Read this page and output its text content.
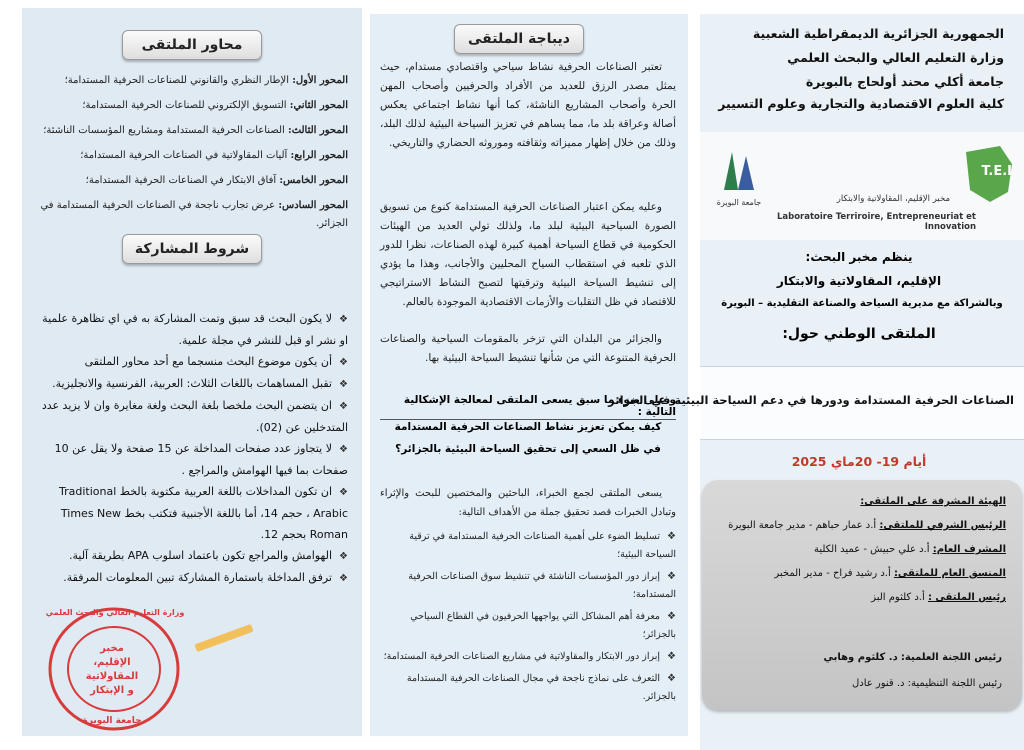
محاور الملتقى
المحور الأول: الإطار النظري والقانوني للصناعات الحرفية المستدامة؛
المحور الثاني: التسويق الإلكتروني للصناعات الحرفية المستدامة؛
المحور الثالث: الصناعات الحرفية المستدامة ومشاريع المؤسسات الناشئة؛
المحور الرابع: آليات المقاولاتية في الصناعات الحرفية المستدامة؛
المحور الخامس: آفاق الابتكار في الصناعات الحرفية المستدامة؛
المحور السادس: عرض تجارب ناجحة في الصناعات الحرفية المستدامة في الجزائر.
شروط المشاركة
❖لا يكون البحث قد سبق وتمت المشاركة به في اي تظاهرة علمية او نشر او قبل للنشر في مجلة علمية.
❖أن يكون موضوع البحث منسجما مع أحد محاور الملتقى
❖تقبل المساهمات باللغات الثلاث: العربية، الفرنسية والانجليزية.
❖ان يتضمن البحث ملخصا بلغة البحث ولغة مغايرة وان لا يزيد عدد المتدخلين عن (02).
❖لا يتجاوز عدد صفحات المداخلة عن 15 صفحة ولا يقل عن 10 صفحات بما فيها الهوامش والمراجع .
❖ان تكون المداخلات باللغة العربية مكتوبة بالخط Traditional Arabic ، حجم 14، أما باللغة الأجنبية فتكتب بخط Times New Roman بحجم 12.
❖الهوامش والمراجع تكون باعتماد اسلوب APA بطريقة آلية.
❖ترفق المداخلة باستمارة المشاركة تبين المعلومات المرفقة.
مخبر
الإقليم، المقاولاتية
و الإبتكار
وزارة التعليم العالي والبحث العلمي
جامعة البويرة
ديباجة الملتقى
تعتبر الصناعات الحرفية نشاط سياحي واقتصادي مستدام، حيث يمثل مصدر الرزق للعديد من الأفراد والحرفيين وأصحاب المهن الحرة وأصحاب المشاريع الناشئة، كما أنها نشاط اجتماعي يعكس أصالة وعراقة بلد ما، مما يساهم في تعزيز السياحة البيئية لذلك البلد، وذلك من خلال إظهار مميزاته وثقافته وموروثه الحضاري والتاريخي.
وعليه يمكن اعتبار الصناعات الحرفية المستدامة كنوع من تسويق الصورة السياحية البيئية لبلد ما، ولذلك تولي العديد من الهيئات الحكومية في قطاع السياحة أهمية كبيرة لهذه الصناعات، نظرا للدور الذي تلعبه في استقطاب السياح المحليين والأجانب، وهذا ما يؤدي إلى تنشيط السياحة البيئية وترقيتها لتصبح النشاط الاستراتيجي للاقتصاد في ظل التقلبات والأزمات الاقتصادية الموجودة بالعالم.
والجزائر من البلدان التي تزخر بالمقومات السياحية والصناعات الحرفية المتنوعة التي من شأنها تنشيط السياحة البيئية بها.
و على ضوء ما سبق يسعى الملتقى لمعالجة الإشكالية التالية :
كيف يمكن تعزيز نشاط الصناعات الحرفية المستدامة في ظل السعي إلى تحقيق السياحة البيئية بالجزائر؟
يسعى الملتقى لجمع الخبراء، الباحثين والمختصين للبحث والإثراء وتبادل الخبرات قصد تحقيق جملة من الأهداف التالية:
❖تسليط الضوء على أهمية الصناعات الحرفية المستدامة في ترقية السياحة البيئية؛
❖إبراز دور المؤسسات الناشئة في تنشيط سوق الصناعات الحرفية المستدامة؛
❖معرفة أهم المشاكل التي يواجهها الحرفيون في القطاع السياحي بالجزائر؛
❖إبراز دور الابتكار والمقاولاتية في مشاريع الصناعات الحرفية المستدامة؛
❖التعرف على نماذج ناجحة في مجال الصناعات الحرفية المستدامة بالجزائر.
الجمهورية الجزائرية الديمقراطية الشعبية
وزارة التعليم العالي والبحث العلمي
جامعة أكلي محند أولحاج بالبويرة
كلية العلوم الاقتصادية والتجارية وعلوم التسيير
T.E.I
مخبر الإقليم، المقاولاتية والابتكار
Laboratoire Terriroire, Entrepreneuriat et Innovation
جامعة البويرة
ينظم مخبر البحث:
الإقليم، المقاولاتية والابتكار
وبالشراكة مع مديرية السياحة والصناعة التقليدية – البويرة
الملتقى الوطني حول:
الصناعات الحرفية المستدامة ودورها في دعم السياحة البيئية في الجزائر
أيام 19- 20ماي 2025
الهيئة المشرفة على الملتقى:
الرئيس الشرفي للملتقى: أ.د عمار حباهم - مدير جامعة البويرة
المشرف العام: أ.د علي حبيش - عميد الكلية
المنسق العام للملتقى: أ.د رشيد فراح - مدير المخبر
رئيس الملتقى : أ.د كلثوم البز
رئيس اللجنة العلمية: د. كلثوم وهابي
رئيس اللجنة التنظيمية: د. قنور عادل
